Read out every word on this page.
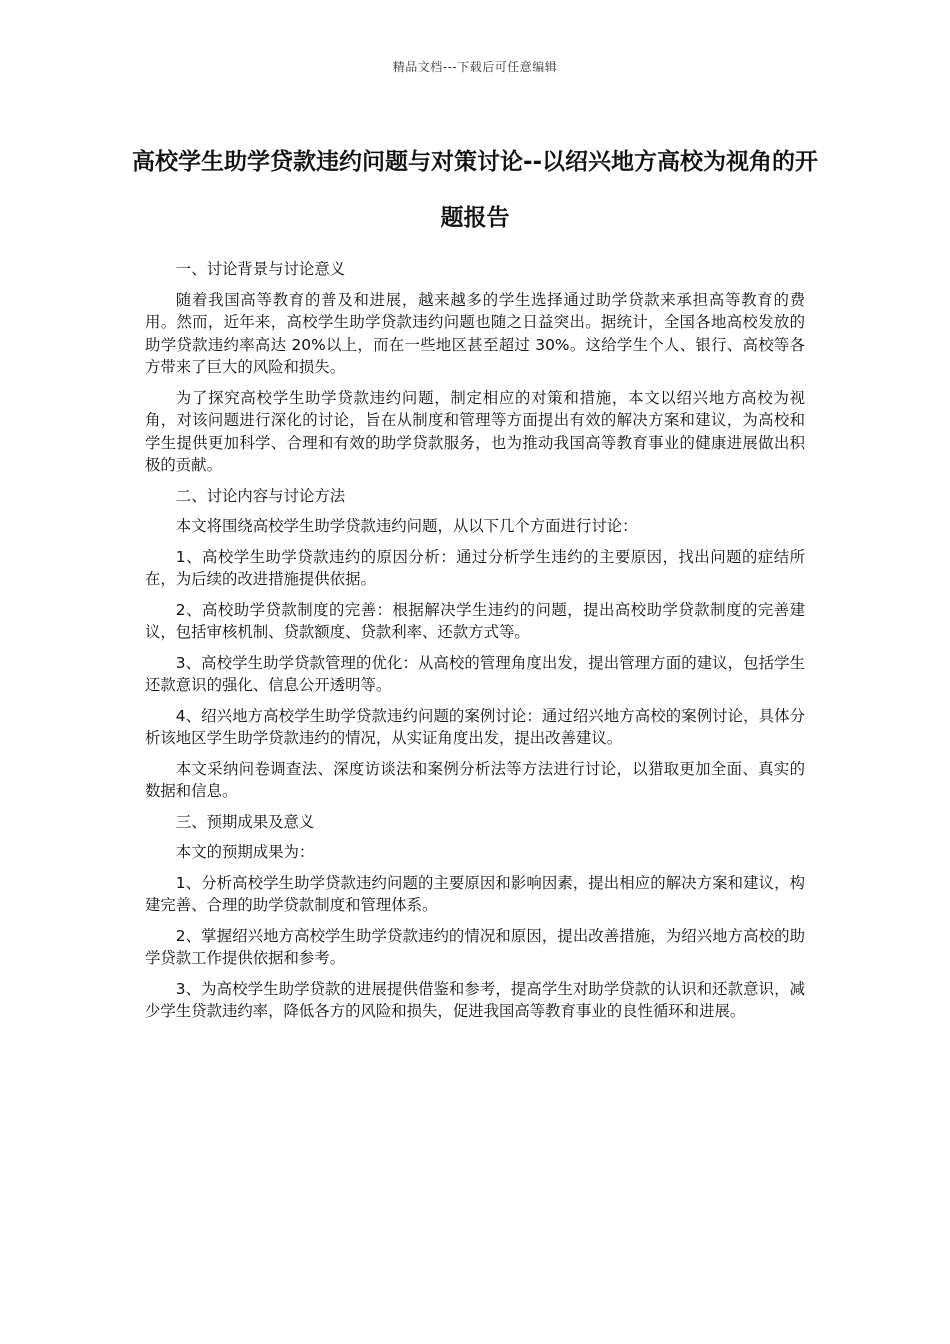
精品文档---下载后可任意编辑
高校学生助学贷款违约问题与对策讨论--以绍兴地方高校为视角的开题报告

一、讨论背景与讨论意义

随着我国高等教育的普及和进展，越来越多的学生选择通过助学贷款来承担高等教育的费用。然而，近年来，高校学生助学贷款违约问题也随之日益突出。据统计，全国各地高校发放的助学贷款违约率高达 20%以上，而在一些地区甚至超过 30%。这给学生个人、银行、高校等各方带来了巨大的风险和损失。

为了探究高校学生助学贷款违约问题，制定相应的对策和措施，本文以绍兴地方高校为视角，对该问题进行深化的讨论，旨在从制度和管理等方面提出有效的解决方案和建议，为高校和学生提供更加科学、合理和有效的助学贷款服务，也为推动我国高等教育事业的健康进展做出积极的贡献。

二、讨论内容与讨论方法

本文将围绕高校学生助学贷款违约问题，从以下几个方面进行讨论：

1、高校学生助学贷款违约的原因分析：通过分析学生违约的主要原因，找出问题的症结所在，为后续的改进措施提供依据。

2、高校助学贷款制度的完善：根据解决学生违约的问题，提出高校助学贷款制度的完善建议，包括审核机制、贷款额度、贷款利率、还款方式等。

3、高校学生助学贷款管理的优化：从高校的管理角度出发，提出管理方面的建议，包括学生还款意识的强化、信息公开透明等。

4、绍兴地方高校学生助学贷款违约问题的案例讨论：通过绍兴地方高校的案例讨论，具体分析该地区学生助学贷款违约的情况，从实证角度出发，提出改善建议。

本文采纳问卷调查法、深度访谈法和案例分析法等方法进行讨论，以猎取更加全面、真实的数据和信息。

三、预期成果及意义

本文的预期成果为：

1、分析高校学生助学贷款违约问题的主要原因和影响因素，提出相应的解决方案和建议，构建完善、合理的助学贷款制度和管理体系。

2、掌握绍兴地方高校学生助学贷款违约的情况和原因，提出改善措施，为绍兴地方高校的助学贷款工作提供依据和参考。

3、为高校学生助学贷款的进展提供借鉴和参考，提高学生对助学贷款的认识和还款意识，减少学生贷款违约率，降低各方的风险和损失，促进我国高等教育事业的良性循环和进展。
